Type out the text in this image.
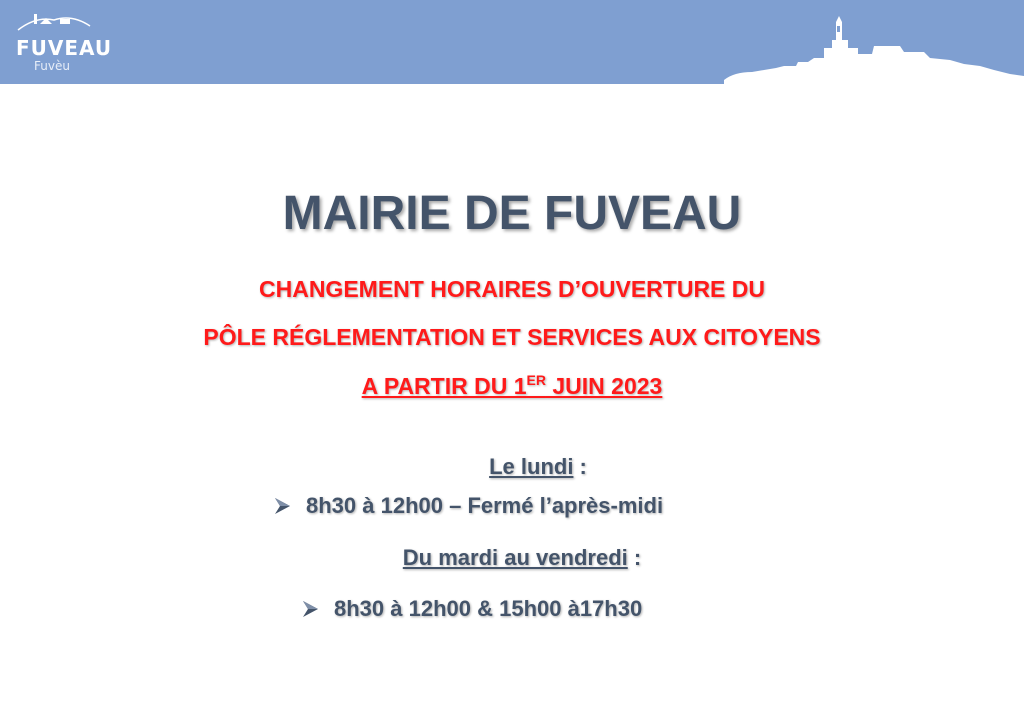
FUVEAU
Fuvèu
MAIRIE DE FUVEAU
CHANGEMENT HORAIRES D’OUVERTURE DU
PÔLE RÉGLEMENTATION ET SERVICES AUX CITOYENS
A PARTIR DU 1ER JUIN 2023
Le lundi :
8h30 à 12h00 – Fermé l’après-midi
Du mardi au vendredi :
8h30 à 12h00 & 15h00 à17h30
